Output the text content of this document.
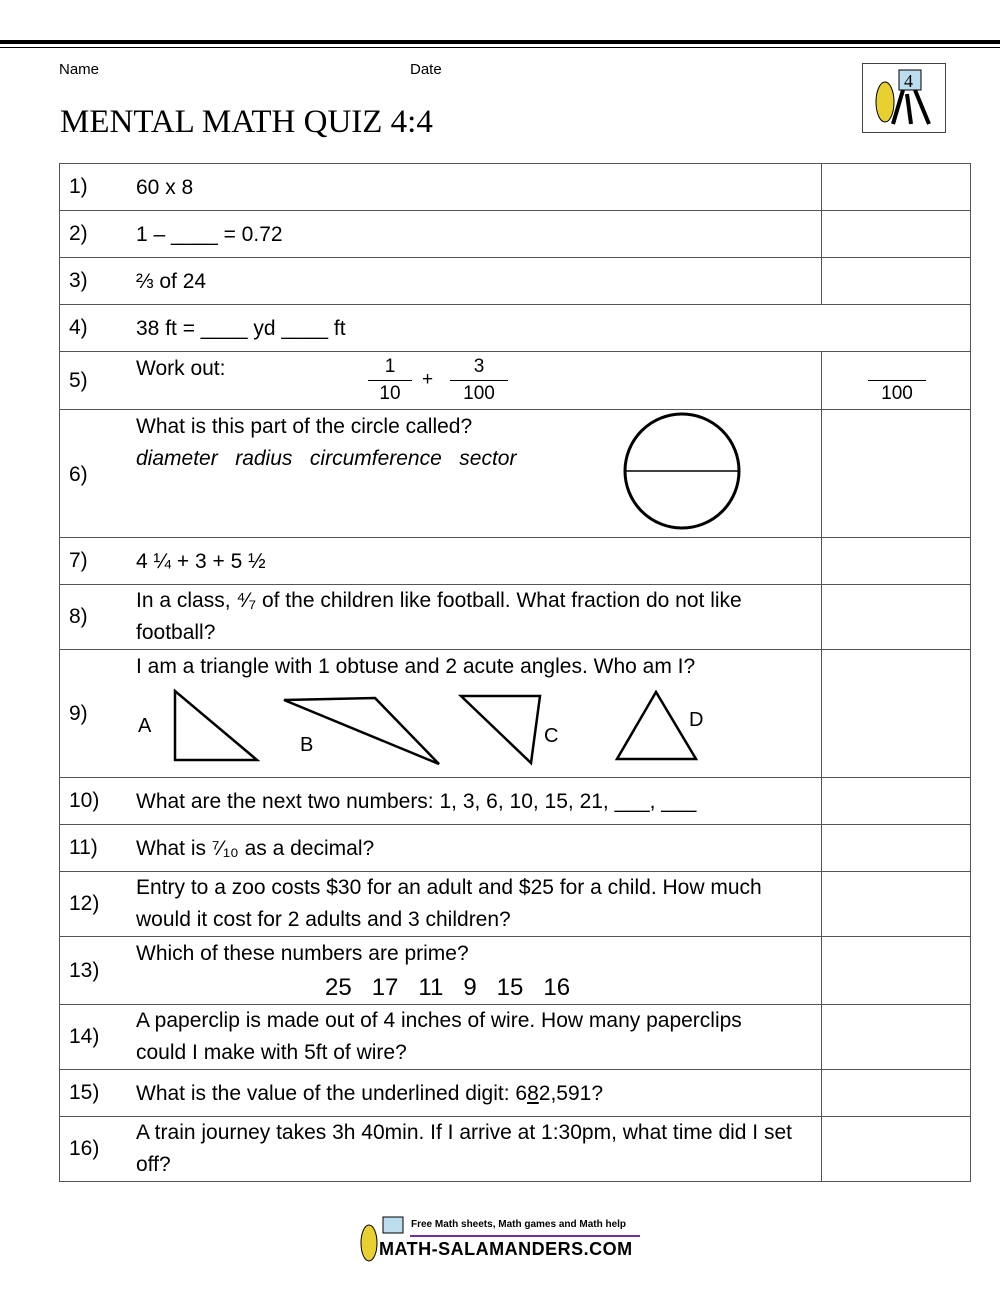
Name	Date
MENTAL MATH QUIZ 4:4
4
1) 60 x 8
2) 1 – ____ = 0.72
3) ⅔ of 24
4) 38 ft = ____ yd ____ ft
5)
Work out:	$\frac{1}{10} + \frac{3}{100}$
	100
6)
What is this part of the circle called?
diameter   radius   circumference   sector
7) 4 ¼ + 3 + 5 ½
8)
In a class, ⁴⁄₇ of the children like football. What fraction do not like football?
9)
I am a triangle with 1 obtuse and 2 acute angles. Who am I?
A
B	C
D
10) What are the next two numbers: 1, 3, 6, 10, 15, 21, ___, ___
11) What is ⁷⁄₁₀ as a decimal?
12)
Entry to a zoo costs $30 for an adult and $25 for a child. How much would it cost for 2 adults and 3 children?
13)
Which of these numbers are prime?
25   17   11   9   15   16
14)
A paperclip is made out of 4 inches of wire. How many paperclips could I make with 5ft of wire?
15) What is the value of the underlined digit: 682,591?
16)
A train journey takes 3h 40min. If I arrive at 1:30pm, what time did I set off?
Free Math sheets, Math games and Math help
MATH-SALAMANDERS.COM
